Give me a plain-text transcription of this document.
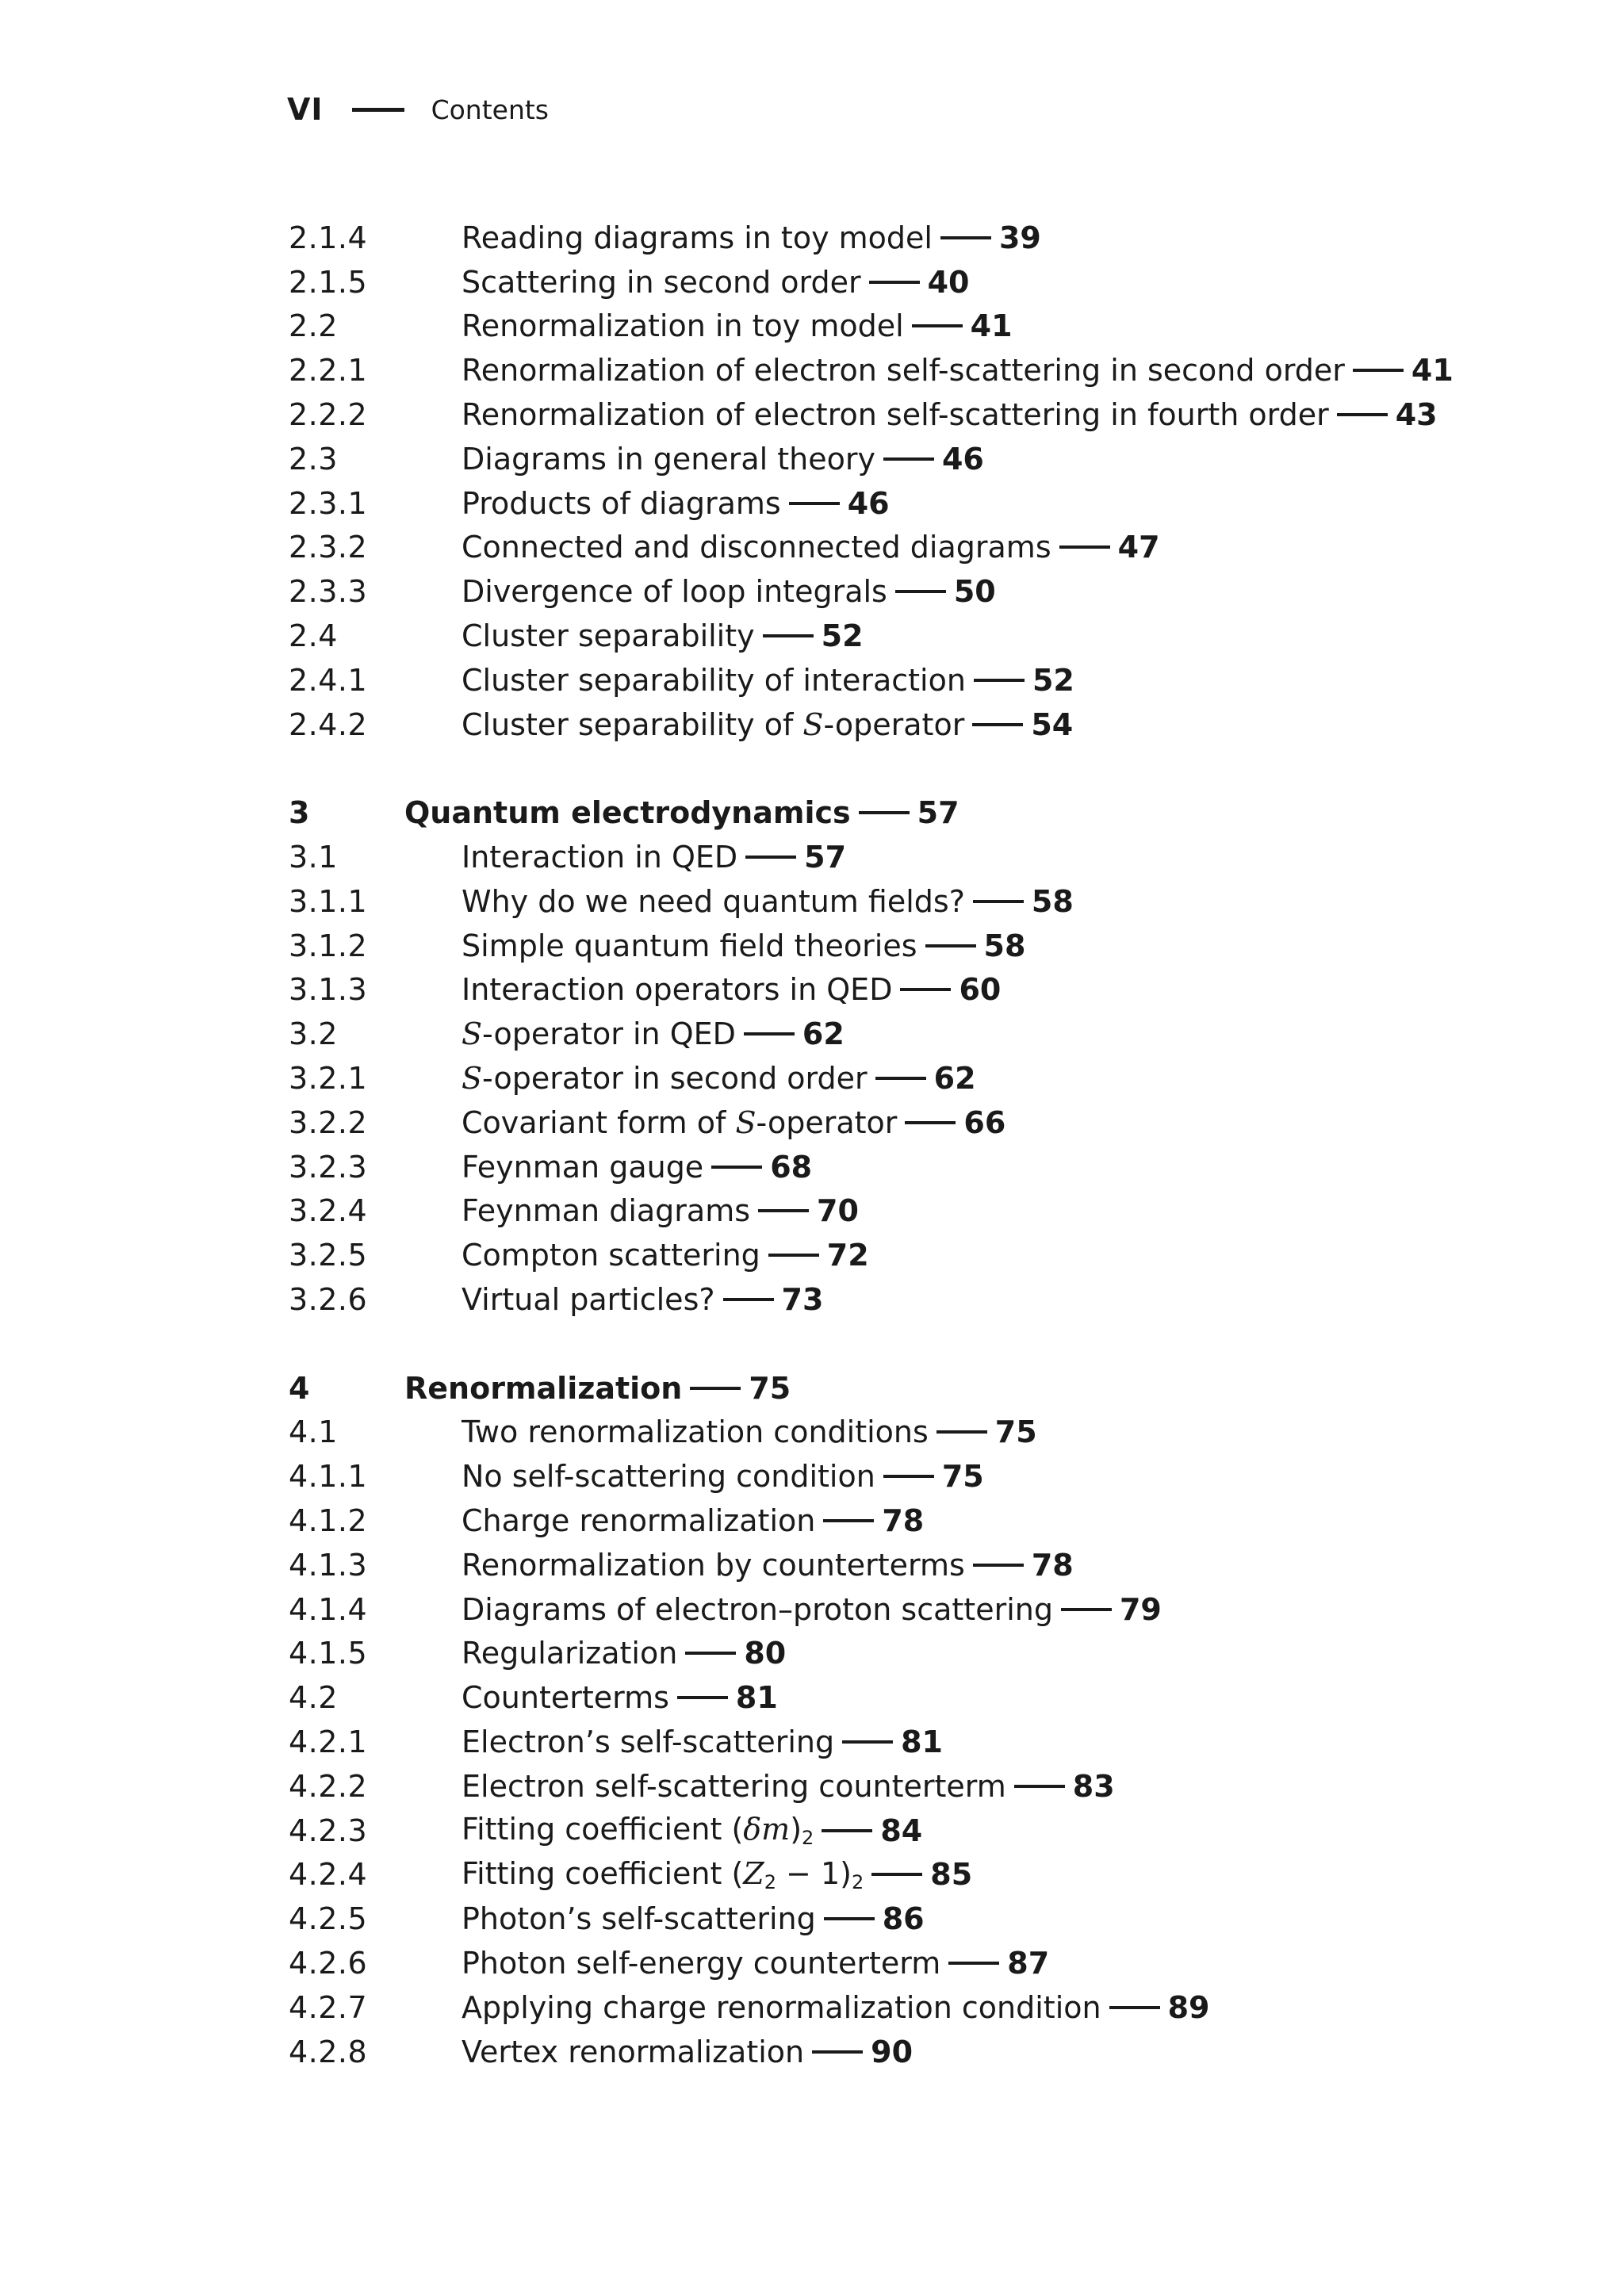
VI	Contents
2.1.4	Reading diagrams in toy model 39
2.1.5	Scattering in second order 40
2.2	Renormalization in toy model 41
2.2.1	Renormalization of electron self-scattering in second order 41
2.2.2	Renormalization of electron self-scattering in fourth order 43
2.3	Diagrams in general theory 46
2.3.1	Products of diagrams 46
2.3.2	Connected and disconnected diagrams 47
2.3.3	Divergence of loop integrals 50
2.4	Cluster separability 52
2.4.1	Cluster separability of interaction 52
2.4.2	Cluster separability of S-operator 54
3	Quantum electrodynamics 57
3.1	Interaction in QED 57
3.1.1	Why do we need quantum fields? 58
3.1.2	Simple quantum field theories 58
3.1.3	Interaction operators in QED 60
3.2	S-operator in QED 62
3.2.1	S-operator in second order 62
3.2.2	Covariant form of S-operator 66
3.2.3	Feynman gauge 68
3.2.4	Feynman diagrams 70
3.2.5	Compton scattering 72
3.2.6	Virtual particles? 73
4	Renormalization 75
4.1	Two renormalization conditions 75
4.1.1	No self-scattering condition 75
4.1.2	Charge renormalization 78
4.1.3	Renormalization by counterterms 78
4.1.4	Diagrams of electron–proton scattering 79
4.1.5	Regularization 80
4.2	Counterterms 81
4.2.1	Electron’s self-scattering 81
4.2.2	Electron self-scattering counterterm 83
4.2.3	Fitting coefficient $(\delta m)_2$ 84
4.2.4	Fitting coefficient $(Z_2 - 1)_2$ 85
4.2.5	Photon’s self-scattering 86
4.2.6	Photon self-energy counterterm 87
4.2.7	Applying charge renormalization condition 89
4.2.8	Vertex renormalization 90
